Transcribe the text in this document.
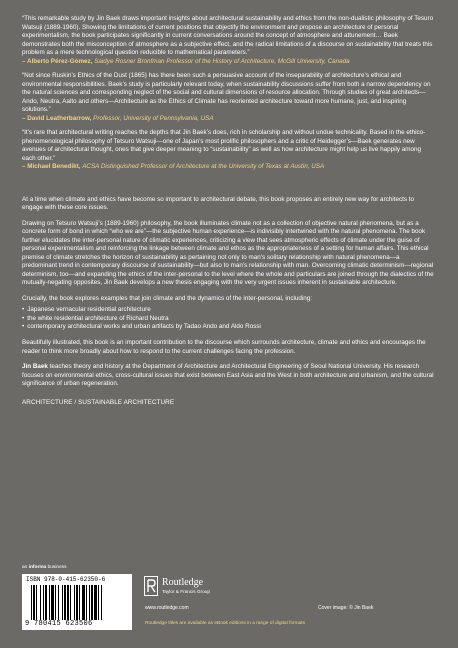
“This remarkable study by Jin Baek draws important insights about architectural sustainability and ethics from the non-dualistic philosophy of Tesuro Watsuji (1889-1960). Showing the limitations of current positions that objectify the environment and propose an architecture of personal experimentalism, the book participates significantly in current conversations around the concept of atmosphere and attunement… Baek demonstrates both the misconception of atmosphere as a subjective effect, and the radical limitations of a discourse on sustainability that treats this problem as a mere technological question reducible to mathematical parameters.”

– Alberto Pérez-Gómez, Saidye Rosner Bronfman Professor of the History of Architecture, McGill University, Canada

“Not since Ruskin’s Ethics of the Dust (1865) has there been such a persuasive account of the inseparability of architecture’s ethical and environmental responsibilities. Baek’s study is particularly relevant today, when sustainability discussions suffer from both a narrow dependency on the natural sciences and corresponding neglect of the social and cultural dimensions of resource allocation. Through studies of great architects—Ando, Neutra, Aalto and others—Architecture as the Ethics of Climate has reoriented architecture toward more humane, just, and inspiring solutions.”

– David Leatherbarrow, Professor, University of Pennsylvania, USA

“It’s rare that architectural writing reaches the depths that Jin Baek’s does, rich in scholarship and without undue technicality. Based in the ethico-phenomenological philosophy of Tetsuro Watsuji—one of Japan’s most prolific philosophers and a critic of Heidegger’s—Baek generates new avenues of architectural thought, ones that give deeper meaning to “sustainability” as well as how architecture might help us live happily among each other.”

– Michael Benedikt, ACSA Distinguished Professor of Architecture at the University of Texas at Austin, USA

At a time when climate and ethics have become so important to architectural debate, this book proposes an entirely new way for architects to engage with these core issues.

Drawing on Tetsuro Watsuji’s (1889-1960) philosophy, the book illuminates climate not as a collection of objective natural phenomena, but as a concrete form of bond in which “who we are”—the subjective human experience—is indivisibly intertwined with the natural phenomena. The book further elucidates the inter-personal nature of climatic experiences, criticizing a view that sees atmospheric effects of climate under the guise of personal experimentalism and reinforcing the linkage between climate and ethos as the appropriateness of a setting for human affairs. This ethical premise of climate stretches the horizon of sustainability as pertaining not only to man’s solitary relationship with natural phenomena—a predominant trend in contemporary discourse of sustainability—but also to man’s relationship with man. Overcoming climatic determinism—regional determinism, too—and expanding the ethics of the inter-personal to the level where the whole and particulars are joined through the dialectics of the mutually-negating opposites, Jin Baek develops a new thesis engaging with the very urgent issues inherent in sustainable architecture.

Crucially, the book explores examples that join climate and the dynamics of the inter-personal, including:

• Japanese vernacular residential architecture
• the white residential architecture of Richard Neutra
• contemporary architectural works and urban artifacts by Tadao Ando and Aldo Rossi

Beautifully illustrated, this book is an important contribution to the discourse which surrounds architecture, climate and ethics and encourages the reader to think more broadly about how to respond to the current challenges facing the profession.

Jin Baek teaches theory and history at the Department of Architecture and Architectural Engineering of Seoul National University. His research focuses on environmental ethics, cross-cultural issues that exist between East Asia and the West in both architecture and urbanism, and the cultural significance of urban regeneration.

ARCHITECTURE / SUSTAINABLE ARCHITECTURE

an informa business
ISBN 978-0-415-62350-6
9 780415 623506
Routledge
Taylor & Francis Group
www.routledge.com	Cover image: © Jin Baek
Routledge titles are available as eBook editions in a range of digital formats
